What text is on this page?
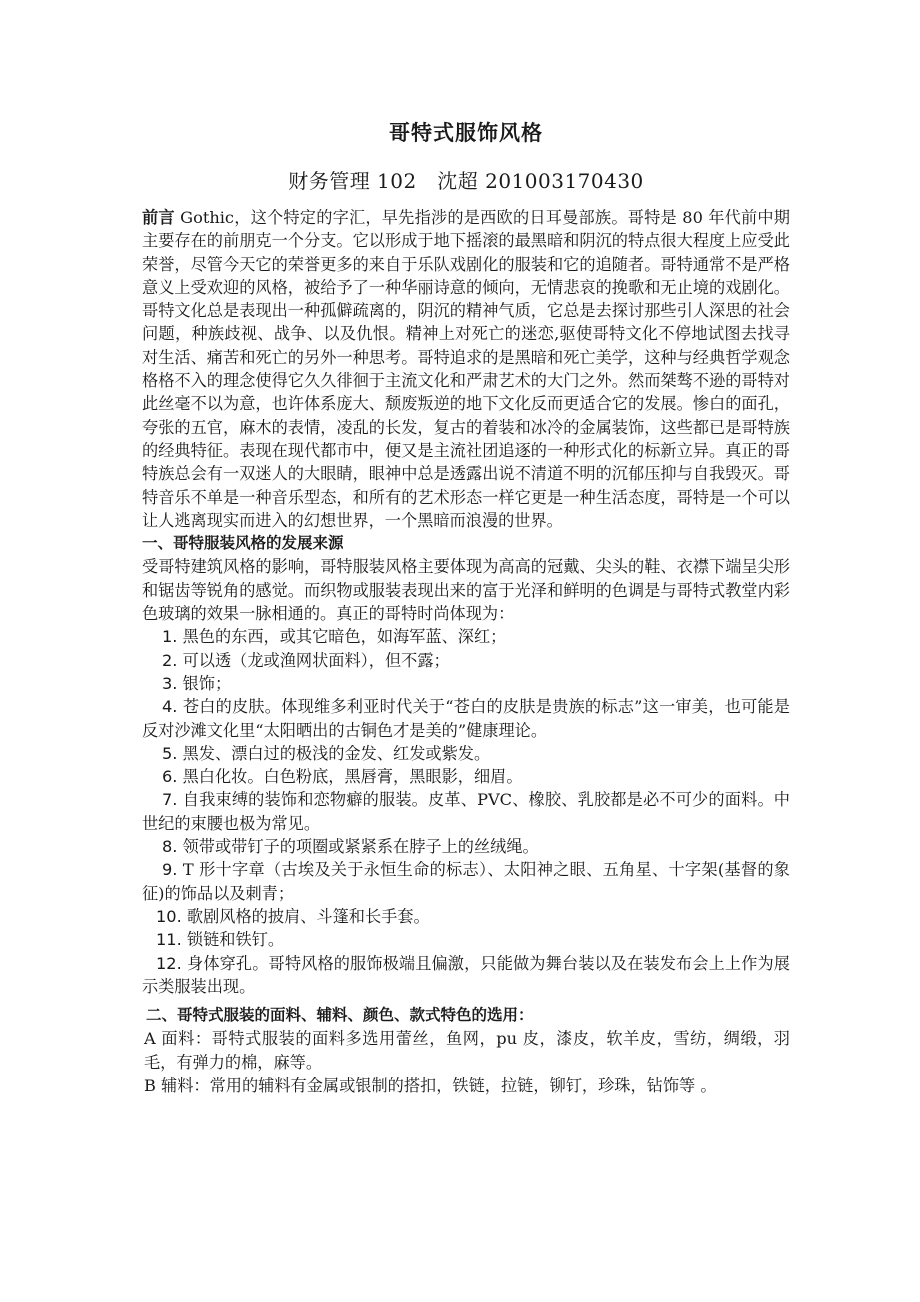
哥特式服饰风格
财务管理 102　沈超 201003170430

前言 Gothic，这个特定的字汇，早先指涉的是西欧的日耳曼部族。哥特是 80 年代前中期主要存在的前朋克一个分支。它以形成于地下摇滚的最黑暗和阴沉的特点很大程度上应受此荣誉，尽管今天它的荣誉更多的来自于乐队戏剧化的服装和它的追随者。哥特通常不是严格意义上受欢迎的风格，被给予了一种华丽诗意的倾向，无情悲哀的挽歌和无止境的戏剧化。哥特文化总是表现出一种孤僻疏离的，阴沉的精神气质，它总是去探讨那些引人深思的社会问题，种族歧视、战争、以及仇恨。精神上对死亡的迷恋,驱使哥特文化不停地试图去找寻对生活、痛苦和死亡的另外一种思考。哥特追求的是黑暗和死亡美学，这种与经典哲学观念格格不入的理念使得它久久徘徊于主流文化和严肃艺术的大门之外。然而桀骜不逊的哥特对此丝毫不以为意，也许体系庞大、颓废叛逆的地下文化反而更适合它的发展。惨白的面孔，夸张的五官，麻木的表情，凌乱的长发，复古的着装和冰冷的金属装饰，这些都已是哥特族的经典特征。表现在现代都市中，便又是主流社团追逐的一种形式化的标新立异。真正的哥特族总会有一双迷人的大眼睛，眼神中总是透露出说不清道不明的沉郁压抑与自我毁灭。哥特音乐不单是一种音乐型态，和所有的艺术形态一样它更是一种生活态度，哥特是一个可以让人逃离现实而进入的幻想世界，一个黑暗而浪漫的世界。

一、哥特服装风格的发展来源

受哥特建筑风格的影响，哥特服装风格主要体现为高高的冠戴、尖头的鞋、衣襟下端呈尖形和锯齿等锐角的感觉。而织物或服装表现出来的富于光泽和鲜明的色调是与哥特式教堂内彩色玻璃的效果一脉相通的。真正的哥特时尚体现为：

1. 黑色的东西，或其它暗色，如海军蓝、深红；

2. 可以透（龙或渔网状面料），但不露；

3. 银饰；

4. 苍白的皮肤。体现维多利亚时代关于“苍白的皮肤是贵族的标志”这一审美，也可能是反对沙滩文化里“太阳晒出的古铜色才是美的”健康理论。

5. 黑发、漂白过的极浅的金发、红发或紫发。

6. 黑白化妆。白色粉底，黑唇膏，黑眼影，细眉。

7. 自我束缚的装饰和恋物癖的服装。皮革、PVC、橡胶、乳胶都是必不可少的面料。中世纪的束腰也极为常见。

8. 领带或带钉子的项圈或紧紧系在脖子上的丝绒绳。

9. T 形十字章（古埃及关于永恒生命的标志）、太阳神之眼、五角星、十字架(基督的象征)的饰品以及刺青；

10. 歌剧风格的披肩、斗篷和长手套。

11. 锁链和铁钉。

12. 身体穿孔。哥特风格的服饰极端且偏激，只能做为舞台装以及在装发布会上上作为展示类服装出现。

二、哥特式服装的面料、辅料、颜色、款式特色的选用：

A 面料：哥特式服装的面料多选用蕾丝，鱼网，pu 皮，漆皮，软羊皮，雪纺，绸缎，羽毛，有弹力的棉，麻等。

B 辅料：常用的辅料有金属或银制的搭扣，铁链，拉链，铆钉，珍珠，钻饰等 。
